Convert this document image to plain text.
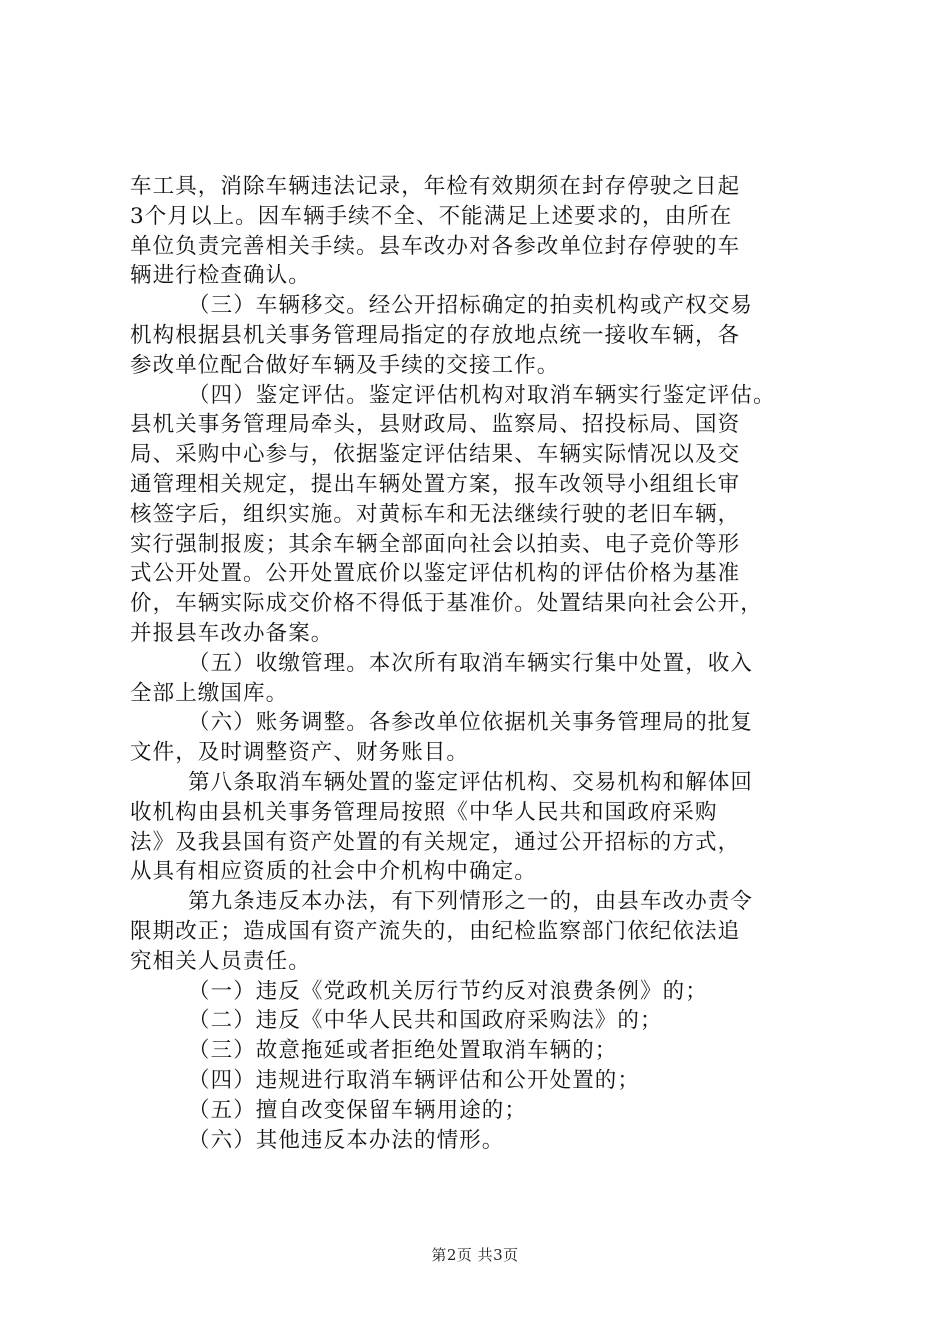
车工具，消除车辆违法记录，年检有效期须在封存停驶之日起
3个月以上。因车辆手续不全、不能满足上述要求的，由所在
单位负责完善相关手续。县车改办对各参改单位封存停驶的车
辆进行检查确认。
（三）车辆移交。经公开招标确定的拍卖机构或产权交易
机构根据县机关事务管理局指定的存放地点统一接收车辆，各
参改单位配合做好车辆及手续的交接工作。
（四）鉴定评估。鉴定评估机构对取消车辆实行鉴定评估。
县机关事务管理局牵头，县财政局、监察局、招投标局、国资
局、采购中心参与，依据鉴定评估结果、车辆实际情况以及交
通管理相关规定，提出车辆处置方案，报车改领导小组组长审
核签字后，组织实施。对黄标车和无法继续行驶的老旧车辆，
实行强制报废；其余车辆全部面向社会以拍卖、电子竞价等形
式公开处置。公开处置底价以鉴定评估机构的评估价格为基准
价，车辆实际成交价格不得低于基准价。处置结果向社会公开，
并报县车改办备案。
（五）收缴管理。本次所有取消车辆实行集中处置，收入
全部上缴国库。
（六）账务调整。各参改单位依据机关事务管理局的批复
文件，及时调整资产、财务账目。
第八条取消车辆处置的鉴定评估机构、交易机构和解体回
收机构由县机关事务管理局按照《中华人民共和国政府采购
法》及我县国有资产处置的有关规定，通过公开招标的方式，
从具有相应资质的社会中介机构中确定。
第九条违反本办法，有下列情形之一的，由县车改办责令
限期改正；造成国有资产流失的，由纪检监察部门依纪依法追
究相关人员责任。
（一）违反《党政机关厉行节约反对浪费条例》的；
（二）违反《中华人民共和国政府采购法》的；
（三）故意拖延或者拒绝处置取消车辆的；
（四）违规进行取消车辆评估和公开处置的；
（五）擅自改变保留车辆用途的；
（六）其他违反本办法的情形。
第2页 共3页
